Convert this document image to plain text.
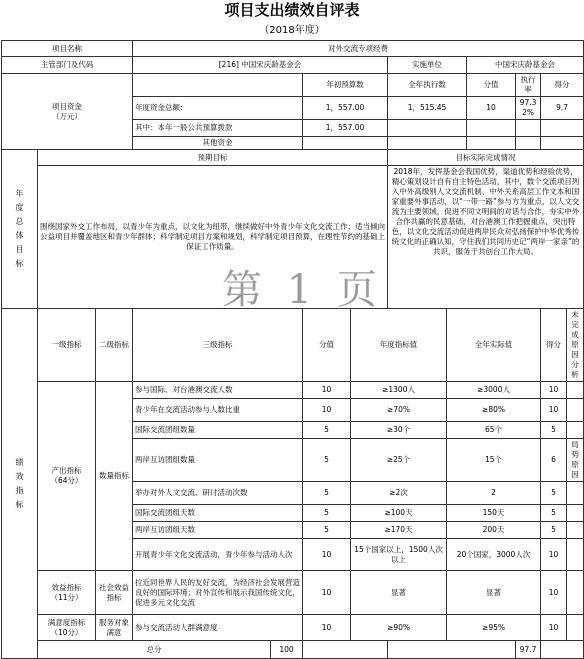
项目支出绩效自评表
（2018年度）
项目名称			对外交流专项经费									
主管部门及代码			[216] 中国宋庆龄基金会				实施单位		中国宋庆龄基金会			
项目资金
（万元）					年初预算数		全年执行数		分值	执行率	得分	
			年度资金总额:		1，557.00		1，515.45		10	97.32%	9.7	
			其中：本年一般公共预算拨款		1，557.00							
			其他资金									
年度总体目标	预期目标						目标实际完成情况					
	围绕国家外交工作布局，以青少年为重点，以文化为纽带，继续做好中外青少年文化交流工作；适当倾向公益项目并覆盖地区和青少年群体；科学制定项目方案和规划，科学制定项目预算，在理性节约的基础上保证工作质量。						2018年，发挥基金会我国优势，渠道优势和经验优势，精心策划设计自有自主特色活动，其中，数个交流项目列入中外高级别人文交流机制、中外关系高层工作文本和国家重要外事活动，以“一带一路”参与方为重点，以人文交流为主要领域，促进不同文明间的对话与合作，夯实中外合作共赢的民意基础，对台港澳工作把握重点，突出特色，以文化交流活动促进两岸民众对弘扬保护中华优秀传统文化的正确认知，守住我们共同历史记“两岸一家亲”的共识，服务于共创台工作大局。					
绩效指标	一级指标	二级指标	三级指标		分值	年度指标值		全年实际值			得分	未完成原因分析
	产出指标
（64分）	数量指标	参与国际、对台港澳交流人数		10	≥1300人		≥3000人			10	
			青少年在交流活动参与人数比重		10	≥70%		≥80%			10	
			国际交流团组数量		5	≥30个		65个			5	
			两岸互访团组数量		5	≥25个		15个			6	局势原因
			举办对外人文交流、研讨活动次数		5	≥2次		2			5	
			国际交流团组天数		5	≥100天		150天			5	
			两岸互访团组天数		5	≥170天		200天			5	
			开展青少年文化交流活动，青少年参与活动人次		10	15个国家以上，1500人次以上		20个国家，3000人次			10	
	效益指标
（11分）	社会效益指标	拉近同世界人民的友好交流，为经济社会发展营造良好的国际环境；对外宣传和展示我国传统文化，促进多元文化交流		10	显著		显著			10	
	满意度指标
（10分）	服务对象满意	参与交流活动人群满意度		10	≥90%		≥95%			10	
	总分			100						97.7		
第 1 页
